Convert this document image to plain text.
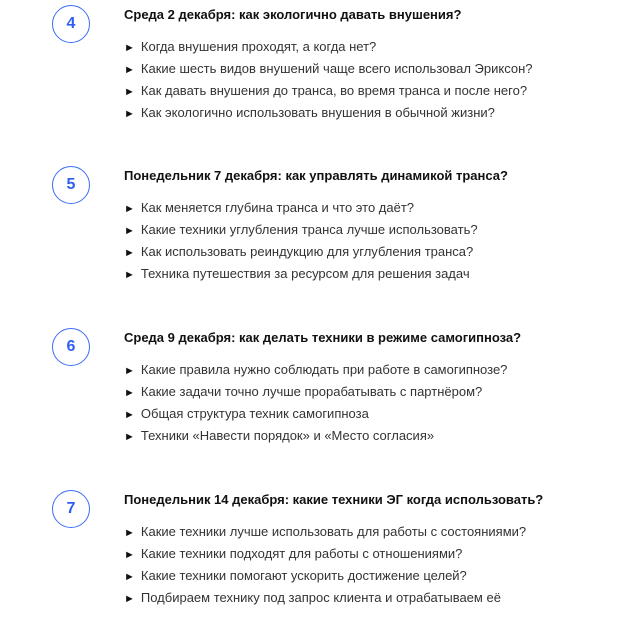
4
Среда 2 декабря: как экологично давать внушения?
► Когда внушения проходят, а когда нет?
► Какие шесть видов внушений чаще всего использовал Эриксон?
► Как давать внушения до транса, во время транса и после него?
► Как экологично использовать внушения в обычной жизни?
5
Понедельник 7 декабря: как управлять динамикой транса?
► Как меняется глубина транса и что это даёт?
► Какие техники углубления транса лучше использовать?
► Как использовать реиндукцию для углубления транса?
► Техника путешествия за ресурсом для решения задач
6
Среда 9 декабря: как делать техники в режиме самогипноза?
► Какие правила нужно соблюдать при работе в самогипнозе?
► Какие задачи точно лучше прорабатывать с партнёром?
► Общая структура техник самогипноза
► Техники «Навести порядок» и «Место согласия»
7
Понедельник 14 декабря: какие техники ЭГ когда использовать?
► Какие техники лучше использовать для работы с состояниями?
► Какие техники подходят для работы с отношениями?
► Какие техники помогают ускорить достижение целей?
► Подбираем технику под запрос клиента и отрабатываем её
